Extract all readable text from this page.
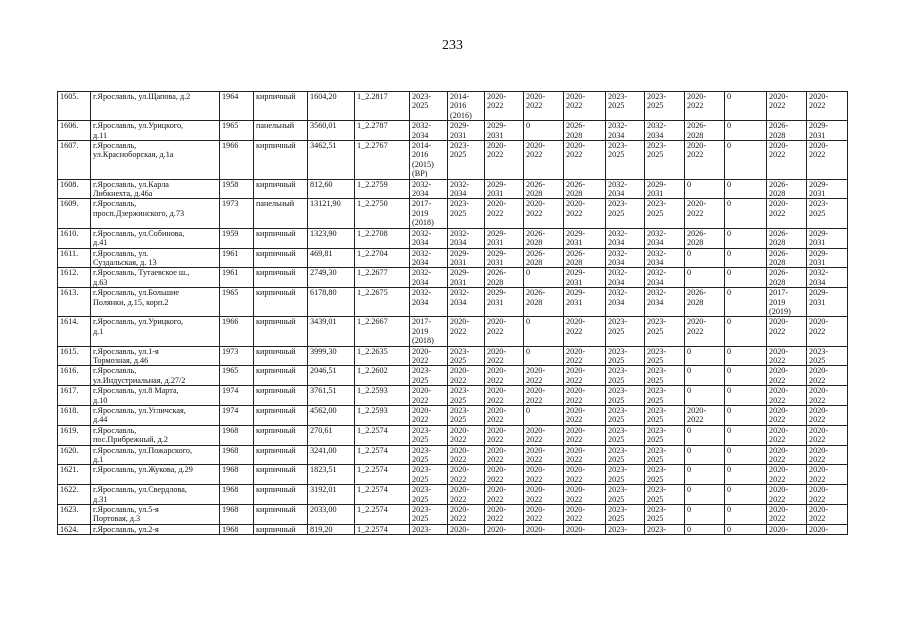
233
1605.	г.Ярославль, ул.Щапова, д.2	1964	кирпичный	1604,20	1_2.2817	2023-
2025	2014-
2016
(2016)	2020-
2022	2020-
2022	2020-
2022	2023-
2025	2023-
2025	2020-
2022	0	2020-
2022	2020-
2022
1606.	г.Ярославль, ул.Урицкого,
д.11	1965	панельный	3560,01	1_2.2787	2032-
2034	2029-
2031	2029-
2031	0	2026-
2028	2032-
2034	2032-
2034	2026-
2028	0	2026-
2028	2029-
2031
1607.	г.Ярославль,
ул.Красноборская, д.1а	1966	кирпичный	3462,51	1_2.2767	2014-
2016
(2015)
(ВР)	2023-
2025	2020-
2022	2020-
2022	2020-
2022	2023-
2025	2023-
2025	2020-
2022	0	2020-
2022	2020-
2022
1608.	г.Ярославль, ул.Карла
Либкнехта, д.46а	1958	кирпичный	812,60	1_2.2759	2032-
2034	2032-
2034	2029-
2031	2026-
2028	2026-
2028	2032-
2034	2029-
2031	0	0	2026-
2028	2029-
2031
1609.	г.Ярославль,
просп.Дзержинского, д.73	1973	панельный	13121,90	1_2.2750	2017-
2019
(2018)	2023-
2025	2020-
2022	2020-
2022	2020-
2022	2023-
2025	2023-
2025	2020-
2022	0	2020-
2022	2023-
2025
1610.	г.Ярославль, ул.Собинова,
д.41	1959	кирпичный	1323,90	1_2.2708	2032-
2034	2032-
2034	2029-
2031	2026-
2028	2029-
2031	2032-
2034	2032-
2034	2026-
2028	0	2026-
2028	2029-
2031
1611.	г.Ярославль, ул.
Суздальская, д. 13	1961	кирпичный	469,81	1_2.2704	2032-
2034	2029-
2031	2029-
2031	2026-
2028	2026-
2028	2032-
2034	2032-
2034	0	0	2026-
2028	2029-
2031
1612.	г.Ярославль, Тутаевское ш.,
д.63	1961	кирпичный	2749,30	1_2.2677	2032-
2034	2029-
2031	2026-
2028	0	2029-
2031	2032-
2034	2032-
2034	0	0	2026-
2028	2032-
2034
1613.	г.Ярославль, ул.Большие
Полянки, д.15, корп.2	1965	кирпичный	6178,80	1_2.2675	2032-
2034	2032-
2034	2029-
2031	2026-
2028	2029-
2031	2032-
2034	2032-
2034	2026-
2028	0	2017-
2019
(2019)	2029-
2031
1614.	г.Ярославль, ул.Урицкого,
д.1	1966	кирпичный	3439,01	1_2.2667	2017-
2019
(2018)	2020-
2022	2020-
2022	0	2020-
2022	2023-
2025	2023-
2025	2020-
2022	0	2020-
2022	2020-
2022
1615.	г.Ярославль, ул.1-я
Тормозная, д.46	1973	кирпичный	3999,30	1_2.2635	2020-
2022	2023-
2025	2020-
2022	0	2020-
2022	2023-
2025	2023-
2025	0	0	2020-
2022	2023-
2025
1616.	г.Ярославль,
ул.Индустриальная, д.27/2	1965	кирпичный	2046,51	1_2.2602	2023-
2025	2020-
2022	2020-
2022	2020-
2022	2020-
2022	2023-
2025	2023-
2025	0	0	2020-
2022	2020-
2022
1617.	г.Ярославль, ул.8 Марта,
д.10	1974	кирпичный	3761,51	1_2.2593	2020-
2022	2023-
2025	2020-
2022	2020-
2022	2020-
2022	2023-
2025	2023-
2025	0	0	2020-
2022	2020-
2022
1618.	г.Ярославль, ул.Угличская,
д.44	1974	кирпичный	4562,00	1_2.2593	2020-
2022	2023-
2025	2020-
2022	0	2020-
2022	2023-
2025	2023-
2025	2020-
2022	0	2020-
2022	2020-
2022
1619.	г.Ярославль,
пос.Прибрежный, д.2	1968	кирпичный	270,61	1_2.2574	2023-
2025	2020-
2022	2020-
2022	2020-
2022	2020-
2022	2023-
2025	2023-
2025	0	0	2020-
2022	2020-
2022
1620.	г.Ярославль, ул.Пожарского,
д.1	1968	кирпичный	3241,00	1_2.2574	2023-
2025	2020-
2022	2020-
2022	2020-
2022	2020-
2022	2023-
2025	2023-
2025	0	0	2020-
2022	2020-
2022
1621.	г.Ярославль, ул.Жукова, д.29	1968	кирпичный	1823,51	1_2.2574	2023-
2025	2020-
2022	2020-
2022	2020-
2022	2020-
2022	2023-
2025	2023-
2025	0	0	2020-
2022	2020-
2022
1622.	г.Ярославль, ул.Свердлова,
д.31	1968	кирпичный	3192,01	1_2.2574	2023-
2025	2020-
2022	2020-
2022	2020-
2022	2020-
2022	2023-
2025	2023-
2025	0	0	2020-
2022	2020-
2022
1623.	г.Ярославль, ул.5-я
Портовая, д.3	1968	кирпичный	2033,00	1_2.2574	2023-
2025	2020-
2022	2020-
2022	2020-
2022	2020-
2022	2023-
2025	2023-
2025	0	0	2020-
2022	2020-
2022
1624.	г.Ярославль, ул.2-я	1968	кирпичный	819,20	1_2.2574	2023-	2020-	2020-	2020-	2020-	2023-	2023-	0	0	2020-	2020-
